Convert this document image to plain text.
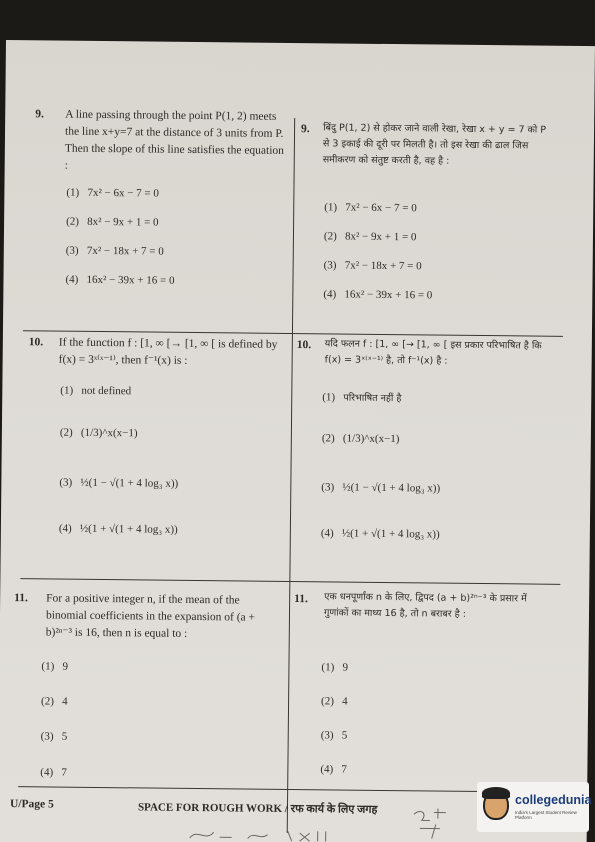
9. A line passing through the point P(1, 2) meets the line x+y=7 at the distance of 3 units from P. Then the slope of this line satisfies the equation :
(1) 7x² − 6x − 7 = 0
(2) 8x² − 9x + 1 = 0
(3) 7x² − 18x + 7 = 0
(4) 16x² − 39x + 16 = 0
9. बिंदु P(1, 2) से होकर जाने वाली रेखा, रेखा x + y = 7 को P से 3 इकाई की दूरी पर मिलती है। तो इस रेखा की ढाल जिस समीकरण को संतुष्ट करती है, वह है :
(1) 7x² − 6x − 7 = 0
(2) 8x² − 9x + 1 = 0
(3) 7x² − 18x + 7 = 0
(4) 16x² − 39x + 16 = 0
10. If the function f : [1, ∞ [→ [1, ∞ [ is defined by f(x) = 3ˣ⁽ˣ⁻¹⁾, then f⁻¹(x) is :
(1) not defined
(2) (1/3)^x(x−1)
(3) ½(1 − √(1 + 4 log₃ x))
(4) ½(1 + √(1 + 4 log₃ x))
10. यदि फलन f : [1, ∞ [→ [1, ∞ [ इस प्रकार परिभाषित है कि f(x) = 3ˣ⁽ˣ⁻¹⁾ है, तो f⁻¹(x) है :
(1) परिभाषित नहीं है
(2) (1/3)^x(x−1)
(3) ½(1 − √(1 + 4 log₃ x))
(4) ½(1 + √(1 + 4 log₃ x))
11. For a positive integer n, if the mean of the binomial coefficients in the expansion of (a + b)²ⁿ⁻³ is 16, then n is equal to :
(1) 9
(2) 4
(3) 5
(4) 7
11. एक धनपूर्णांक n के लिए, द्विपद (a + b)²ⁿ⁻³ के प्रसार में गुणांकों का माध्य 16 है, तो n बराबर है :
(1) 9
(2) 4
(3) 5
(4) 7
U/Page 5	SPACE FOR ROUGH WORK / रफ कार्य के लिए जगह
collegedunia
India's Largest Student Review Platform
